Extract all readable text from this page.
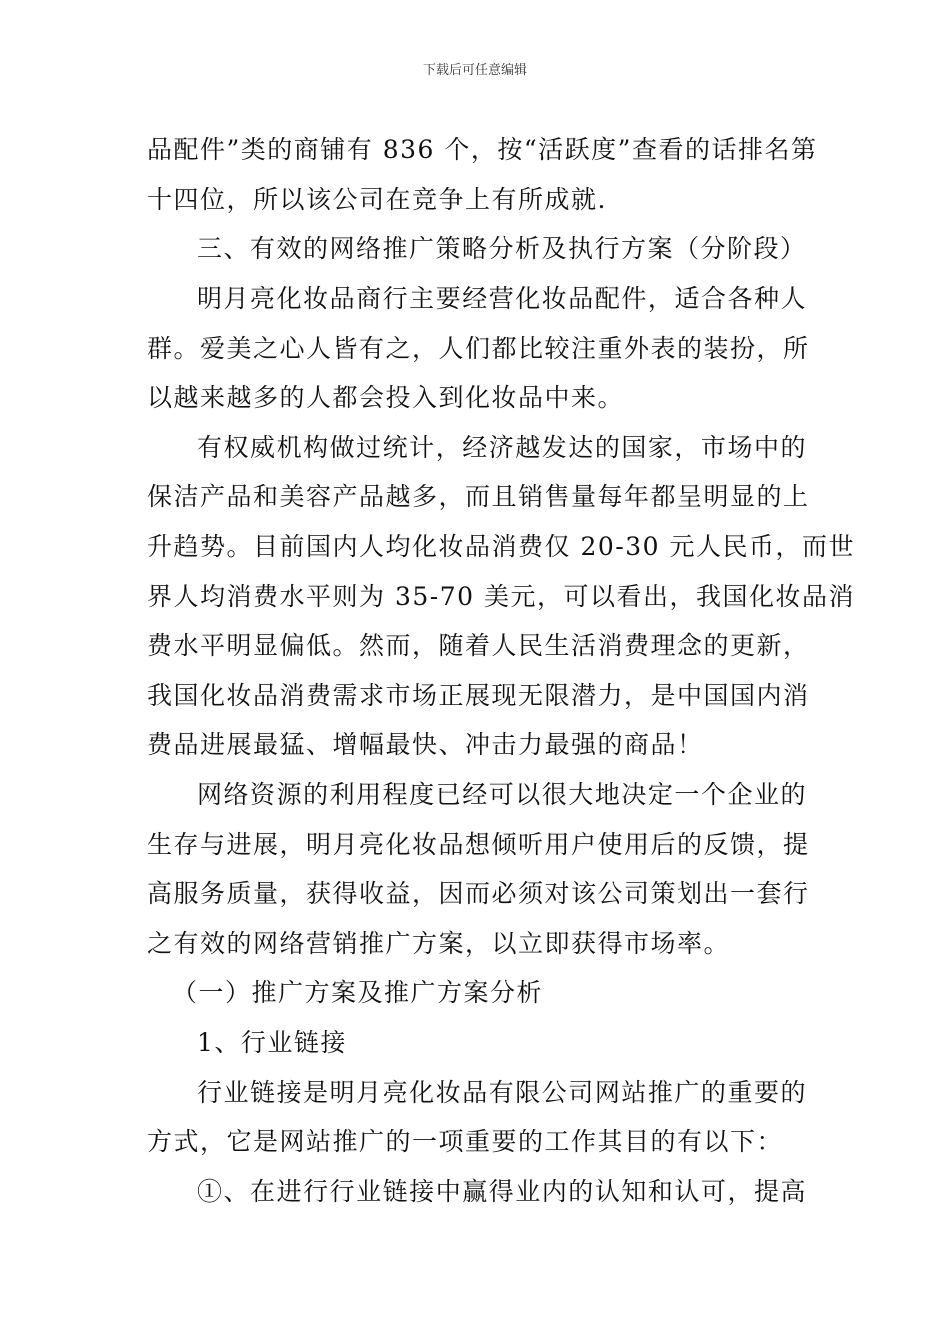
下载后可任意编辑
品配件”类的商铺有 836 个，按“活跃度”查看的话排名第
十四位，所以该公司在竞争上有所成就.
三、有效的网络推广策略分析及执行方案（分阶段）
明月亮化妆品商行主要经营化妆品配件，适合各种人
群。爱美之心人皆有之，人们都比较注重外表的装扮，所
以越来越多的人都会投入到化妆品中来。
有权威机构做过统计，经济越发达的国家，市场中的
保洁产品和美容产品越多，而且销售量每年都呈明显的上
升趋势。目前国内人均化妆品消费仅 20-30 元人民币，而世
界人均消费水平则为 35-70 美元，可以看出，我国化妆品消
费水平明显偏低。然而，随着人民生活消费理念的更新，
我国化妆品消费需求市场正展现无限潜力，是中国国内消
费品进展最猛、增幅最快、冲击力最强的商品！
网络资源的利用程度已经可以很大地决定一个企业的
生存与进展，明月亮化妆品想倾听用户使用后的反馈，提
高服务质量，获得收益，因而必须对该公司策划出一套行
之有效的网络营销推广方案，以立即获得市场率。
（一）推广方案及推广方案分析
1、行业链接
行业链接是明月亮化妆品有限公司网站推广的重要的
方式，它是网站推广的一项重要的工作其目的有以下：
①、在进行行业链接中赢得业内的认知和认可，提高
